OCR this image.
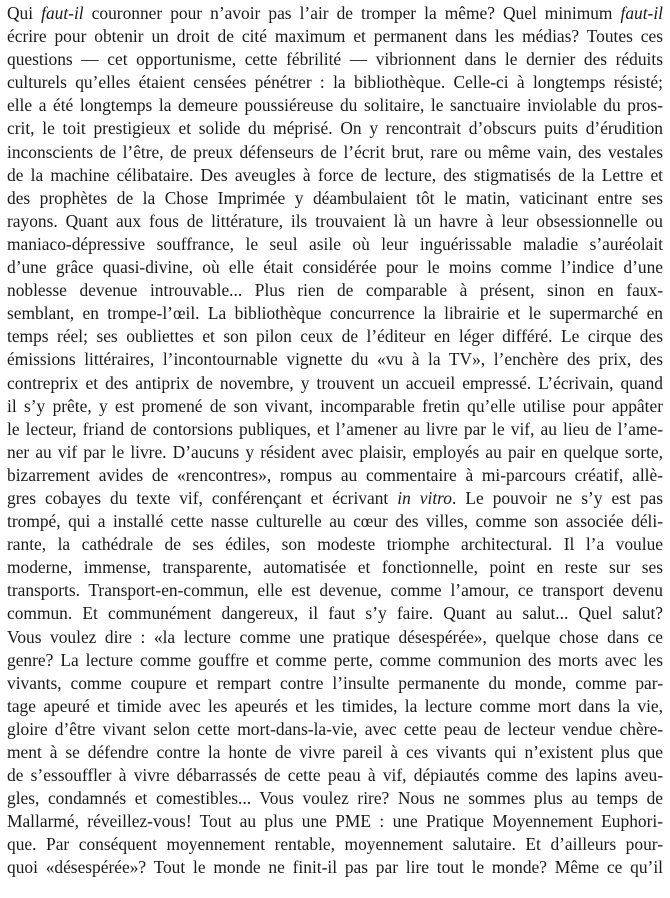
Qui faut-il couronner pour n’avoir pas l’air de tromper la même? Quel minimum faut-il
écrire pour obtenir un droit de cité maximum et permanent dans les médias? Toutes ces
questions — cet opportunisme, cette fébrilité — vibrionnent dans le dernier des réduits
culturels qu’elles étaient censées pénétrer : la bibliothèque. Celle-ci à longtemps résisté;
elle a été longtemps la demeure poussiéreuse du solitaire, le sanctuaire inviolable du pros-
crit, le toit prestigieux et solide du méprisé. On y rencontrait d’obscurs puits d’érudition
inconscients de l’être, de preux défenseurs de l’écrit brut, rare ou même vain, des vestales
de la machine célibataire. Des aveugles à force de lecture, des stigmatisés de la Lettre et
des prophètes de la Chose Imprimée y déambulaient tôt le matin, vaticinant entre ses
rayons. Quant aux fous de littérature, ils trouvaient là un havre à leur obsessionnelle ou
maniaco-dépressive souffrance, le seul asile où leur inguérissable maladie s’auréolait
d’une grâce quasi-divine, où elle était considérée pour le moins comme l’indice d’une
noblesse devenue introuvable... Plus rien de comparable à présent, sinon en faux-
semblant, en trompe-l’œil. La bibliothèque concurrence la librairie et le supermarché en
temps réel; ses oubliettes et son pilon ceux de l’éditeur en léger différé. Le cirque des
émissions littéraires, l’incontournable vignette du «vu à la TV», l’enchère des prix, des
contreprix et des antiprix de novembre, y trouvent un accueil empressé. L’écrivain, quand
il s’y prête, y est promené de son vivant, incomparable fretin qu’elle utilise pour appâter
le lecteur, friand de contorsions publiques, et l’amener au livre par le vif, au lieu de l’ame-
ner au vif par le livre. D’aucuns y résident avec plaisir, employés au pair en quelque sorte,
bizarrement avides de «rencontres», rompus au commentaire à mi-parcours créatif, allè-
gres cobayes du texte vif, conférençant et écrivant in vitro. Le pouvoir ne s’y est pas
trompé, qui a installé cette nasse culturelle au cœur des villes, comme son associée déli-
rante, la cathédrale de ses édiles, son modeste triomphe architectural. Il l’a voulue
moderne, immense, transparente, automatisée et fonctionnelle, point en reste sur ses
transports. Transport-en-commun, elle est devenue, comme l’amour, ce transport devenu
commun. Et communément dangereux, il faut s’y faire. Quant au salut... Quel salut?
Vous voulez dire : «la lecture comme une pratique désespérée», quelque chose dans ce
genre? La lecture comme gouffre et comme perte, comme communion des morts avec les
vivants, comme coupure et rempart contre l’insulte permanente du monde, comme par-
tage apeuré et timide avec les apeurés et les timides, la lecture comme mort dans la vie,
gloire d’être vivant selon cette mort-dans-la-vie, avec cette peau de lecteur vendue chère-
ment à se défendre contre la honte de vivre pareil à ces vivants qui n’existent plus que
de s’essouffler à vivre débarrassés de cette peau à vif, dépiautés comme des lapins aveu-
gles, condamnés et comestibles... Vous voulez rire? Nous ne sommes plus au temps de
Mallarmé, réveillez-vous! Tout au plus une PME : une Pratique Moyennement Euphori-
que. Par conséquent moyennement rentable, moyennement salutaire. Et d’ailleurs pour-
quoi «désespérée»? Tout le monde ne finit-il pas par lire tout le monde? Même ce qu’il
